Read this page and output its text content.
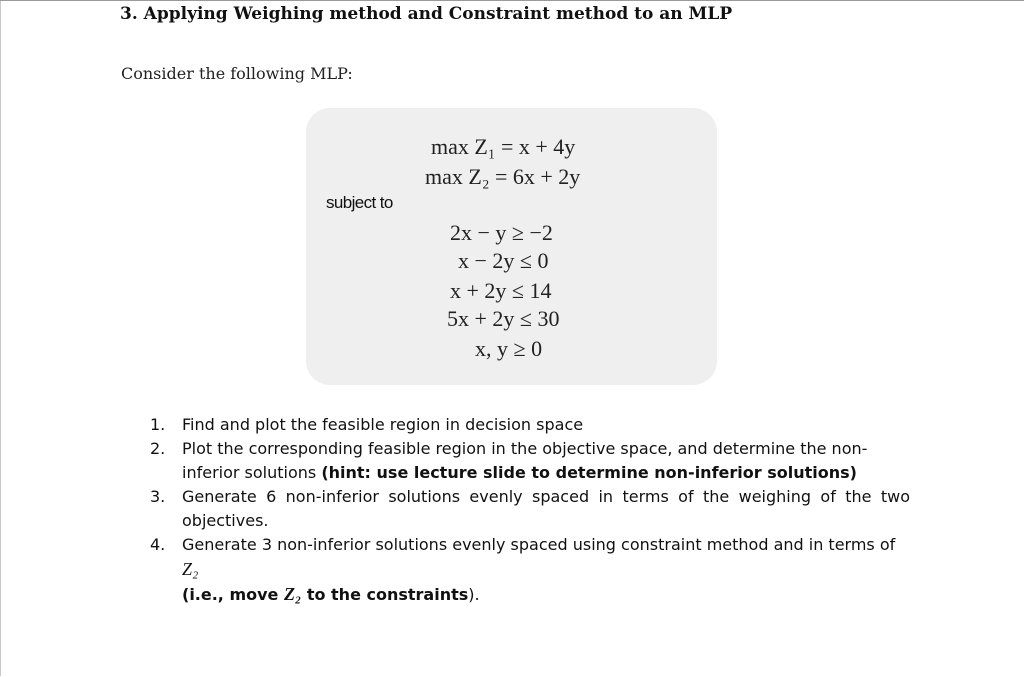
3. Applying Weighing method and Constraint method to an MLP
Consider the following MLP:
max Z₁ = x + 4y
max Z₂ = 6x + 2y
subject to
2x − y ≥ −2
x − 2y ≤ 0
x + 2y ≤ 14
5x + 2y ≤ 30
x, y ≥ 0
1. Find and plot the feasible region in decision space
2. Plot the corresponding feasible region in the objective space, and determine the non-inferior solutions (hint: use lecture slide to determine non-inferior solutions)
3. Generate 6 non-inferior solutions evenly spaced in terms of the weighing of the two objectives.
4. Generate 3 non-inferior solutions evenly spaced using constraint method and in terms of Z₂
(i.e., move Z₂ to the constraints).
